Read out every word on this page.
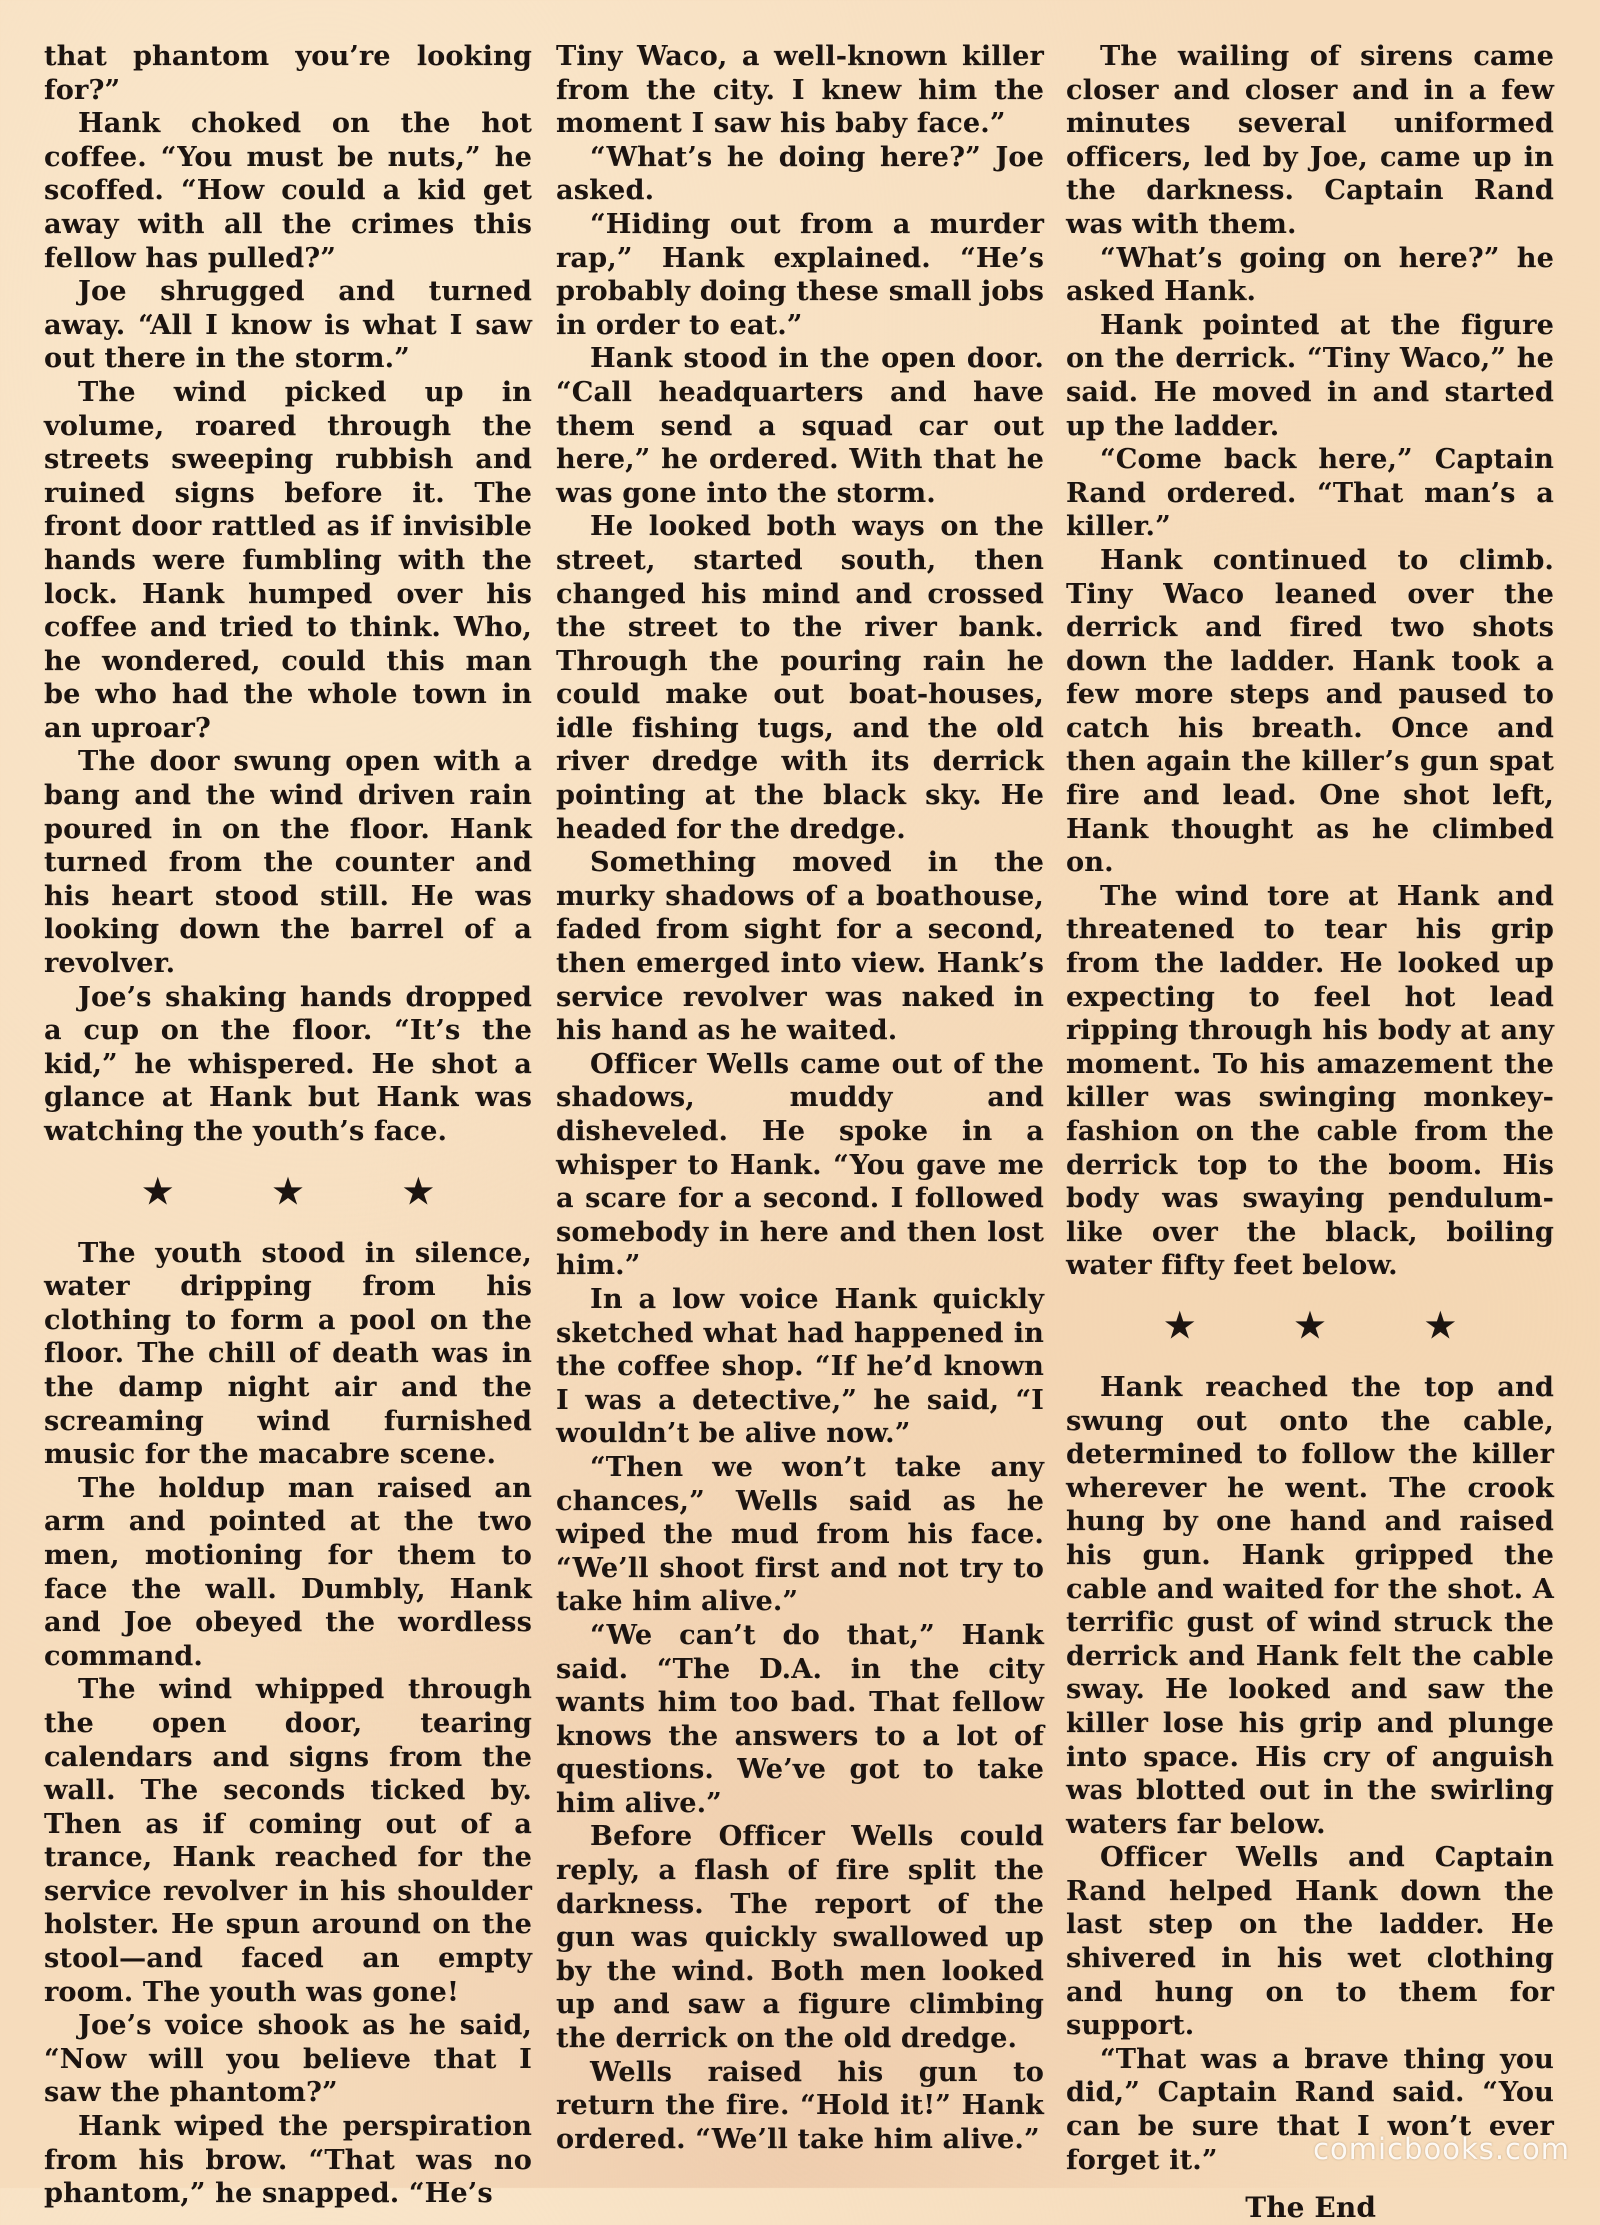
that phantom you’re looking for?”

Hank choked on the hot coffee. “You must be nuts,” he scoffed. “How could a kid get away with all the crimes this fellow has pulled?”

Joe shrugged and turned away. “All I know is what I saw out there in the storm.”

The wind picked up in volume, roared through the streets sweeping rubbish and ruined signs before it. The front door rattled as if invisible hands were fumbling with the lock. Hank humped over his coffee and tried to think. Who, he wondered, could this man be who had the whole town in an uproar?

The door swung open with a bang and the wind driven rain poured in on the floor. Hank turned from the counter and his heart stood still. He was looking down the barrel of a revolver.

Joe’s shaking hands dropped a cup on the floor. “It’s the kid,” he whispered. He shot a glance at Hank but Hank was watching the youth’s face.

★ ★ ★

The youth stood in silence, water dripping from his clothing to form a pool on the floor. The chill of death was in the damp night air and the screaming wind furnished music for the macabre scene.

The holdup man raised an arm and pointed at the two men, motioning for them to face the wall. Dumbly, Hank and Joe obeyed the wordless command.

The wind whipped through the open door, tearing calendars and signs from the wall. The seconds ticked by. Then as if coming out of a trance, Hank reached for the service revolver in his shoulder holster. He spun around on the stool—and faced an empty room. The youth was gone!

Joe’s voice shook as he said, “Now will you believe that I saw the phantom?”

Hank wiped the perspiration from his brow. “That was no phantom,” he snapped. “He’s

Tiny Waco, a well-known killer from the city. I knew him the moment I saw his baby face.”

“What’s he doing here?” Joe asked.

“Hiding out from a murder rap,” Hank explained. “He’s probably doing these small jobs in order to eat.”

Hank stood in the open door. “Call headquarters and have them send a squad car out here,” he ordered. With that he was gone into the storm.

He looked both ways on the street, started south, then changed his mind and crossed the street to the river bank. Through the pouring rain he could make out boat-houses, idle fishing tugs, and the old river dredge with its derrick pointing at the black sky. He headed for the dredge.

Something moved in the murky shadows of a boathouse, faded from sight for a second, then emerged into view. Hank’s service revolver was naked in his hand as he waited.

Officer Wells came out of the shadows, muddy and disheveled. He spoke in a whisper to Hank. “You gave me a scare for a second. I followed somebody in here and then lost him.”

In a low voice Hank quickly sketched what had happened in the coffee shop. “If he’d known I was a detective,” he said, “I wouldn’t be alive now.”

“Then we won’t take any chances,” Wells said as he wiped the mud from his face. “We’ll shoot first and not try to take him alive.”

“We can’t do that,” Hank said. “The D.A. in the city wants him too bad. That fellow knows the answers to a lot of questions. We’ve got to take him alive.”

Before Officer Wells could reply, a flash of fire split the darkness. The report of the gun was quickly swallowed up by the wind. Both men looked up and saw a figure climbing the derrick on the old dredge.

Wells raised his gun to return the fire. “Hold it!” Hank ordered. “We’ll take him alive.”

The wailing of sirens came closer and closer and in a few minutes several uniformed officers, led by Joe, came up in the darkness. Captain Rand was with them.

“What’s going on here?” he asked Hank.

Hank pointed at the figure on the derrick. “Tiny Waco,” he said. He moved in and started up the ladder.

“Come back here,” Captain Rand ordered. “That man’s a killer.”

Hank continued to climb. Tiny Waco leaned over the derrick and fired two shots down the ladder. Hank took a few more steps and paused to catch his breath. Once and then again the killer’s gun spat fire and lead. One shot left, Hank thought as he climbed on.

The wind tore at Hank and threatened to tear his grip from the ladder. He looked up expecting to feel hot lead ripping through his body at any moment. To his amazement the killer was swinging monkey-fashion on the cable from the derrick top to the boom. His body was swaying pendulum-like over the black, boiling water fifty feet below.

★ ★ ★

Hank reached the top and swung out onto the cable, determined to follow the killer wherever he went. The crook hung by one hand and raised his gun. Hank gripped the cable and waited for the shot. A terrific gust of wind struck the derrick and Hank felt the cable sway. He looked and saw the killer lose his grip and plunge into space. His cry of anguish was blotted out in the swirling waters far below.

Officer Wells and Captain Rand helped Hank down the last step on the ladder. He shivered in his wet clothing and hung on to them for support.

“That was a brave thing you did,” Captain Rand said. “You can be sure that I won’t ever forget it.”

The End
comicbooks.com
